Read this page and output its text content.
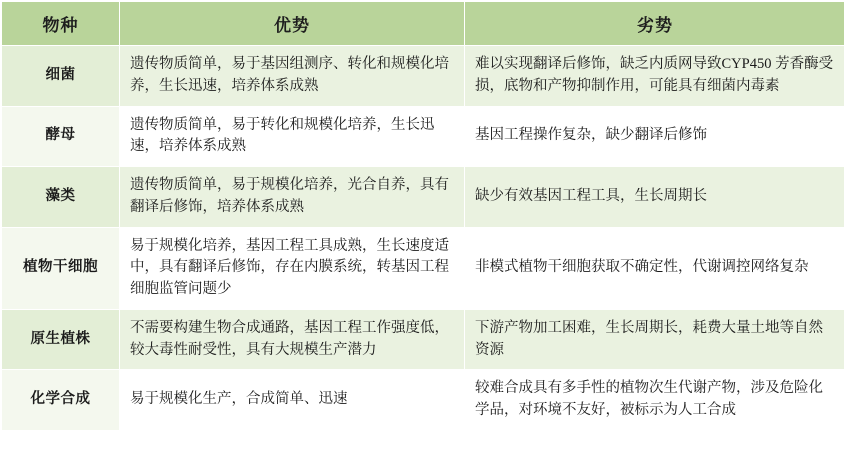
物种	优势	劣势
细菌	遗传物质简单，易于基因组测序、转化和规模化培养，生长迅速，培养体系成熟	难以实现翻译后修饰，缺乏内质网导致CYP450 芳香酶受损，底物和产物抑制作用，可能具有细菌内毒素
酵母	遗传物质简单，易于转化和规模化培养，生长迅速，培养体系成熟	基因工程操作复杂，缺少翻译后修饰
藻类	遗传物质简单，易于规模化培养，光合自养，具有翻译后修饰，培养体系成熟	缺少有效基因工程工具，生长周期长
植物干细胞	易于规模化培养，基因工程工具成熟，生长速度适中，具有翻译后修饰，存在内膜系统，转基因工程细胞监管问题少	非模式植物干细胞获取不确定性，代谢调控网络复杂
原生植株	不需要构建生物合成通路，基因工程工作强度低，较大毒性耐受性，具有大规模生产潜力	下游产物加工困难，生长周期长，耗费大量土地等自然资源
化学合成	易于规模化生产，合成简单、迅速	较难合成具有多手性的植物次生代谢产物，涉及危险化学品，对环境不友好，被标示为人工合成
